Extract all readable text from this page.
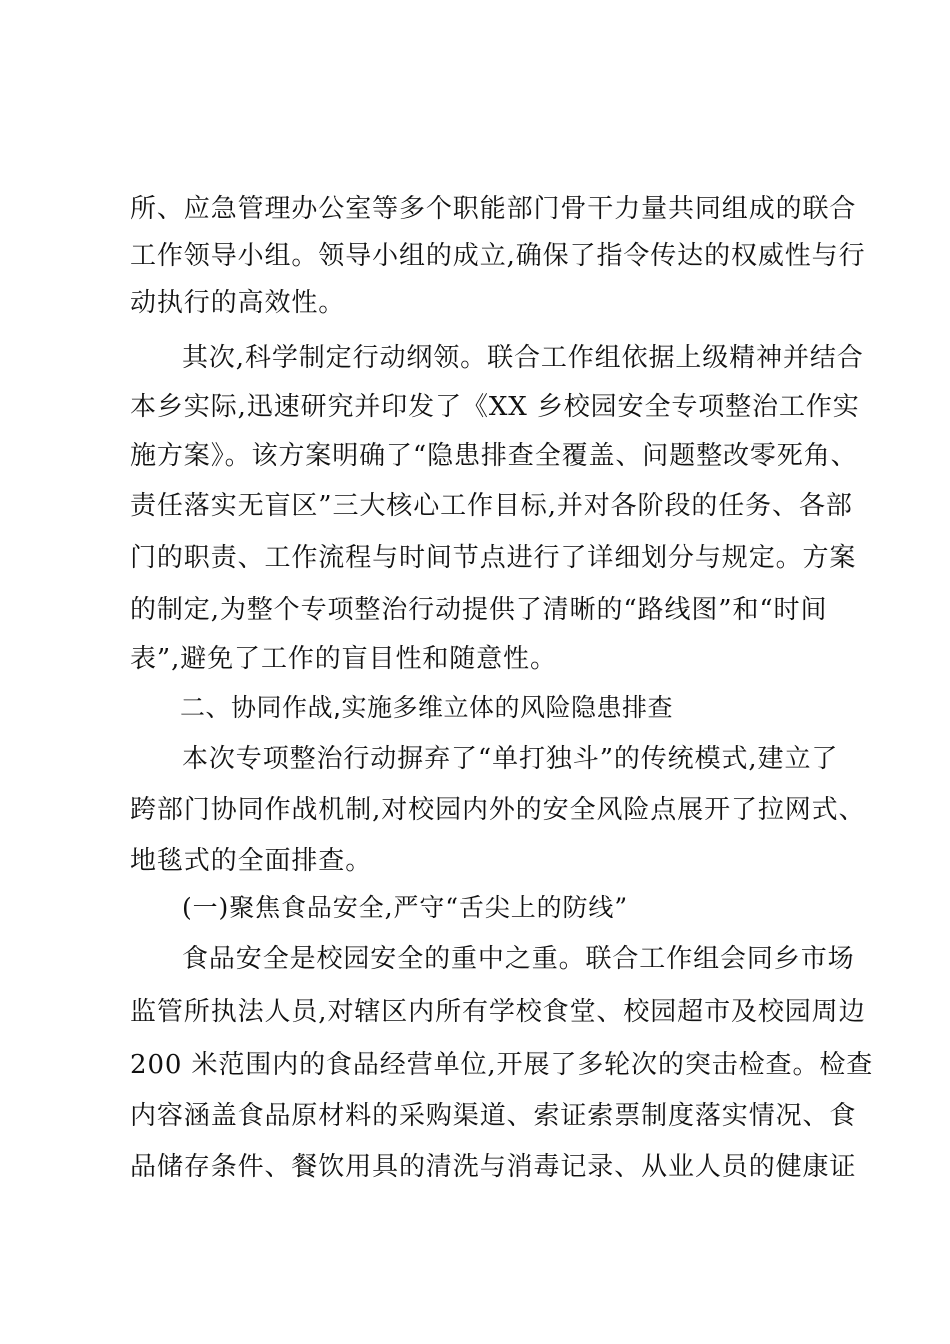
所、应急管理办公室等多个职能部门骨干力量共同组成的联合
工作领导小组。领导小组的成立,确保了指令传达的权威性与行
动执行的高效性。
其次,科学制定行动纲领。联合工作组依据上级精神并结合
本乡实际,迅速研究并印发了《XX 乡校园安全专项整治工作实
施方案》。该方案明确了“隐患排查全覆盖、问题整改零死角、
责任落实无盲区”三大核心工作目标,并对各阶段的任务、各部
门的职责、工作流程与时间节点进行了详细划分与规定。方案
的制定,为整个专项整治行动提供了清晰的“路线图”和“时间
表”,避免了工作的盲目性和随意性。
二、协同作战,实施多维立体的风险隐患排查
本次专项整治行动摒弃了“单打独斗”的传统模式,建立了
跨部门协同作战机制,对校园内外的安全风险点展开了拉网式、
地毯式的全面排查。
(一)聚焦食品安全,严守“舌尖上的防线”
食品安全是校园安全的重中之重。联合工作组会同乡市场
监管所执法人员,对辖区内所有学校食堂、校园超市及校园周边
200 米范围内的食品经营单位,开展了多轮次的突击检查。检查
内容涵盖食品原材料的采购渠道、索证索票制度落实情况、食
品储存条件、餐饮用具的清洗与消毒记录、从业人员的健康证
